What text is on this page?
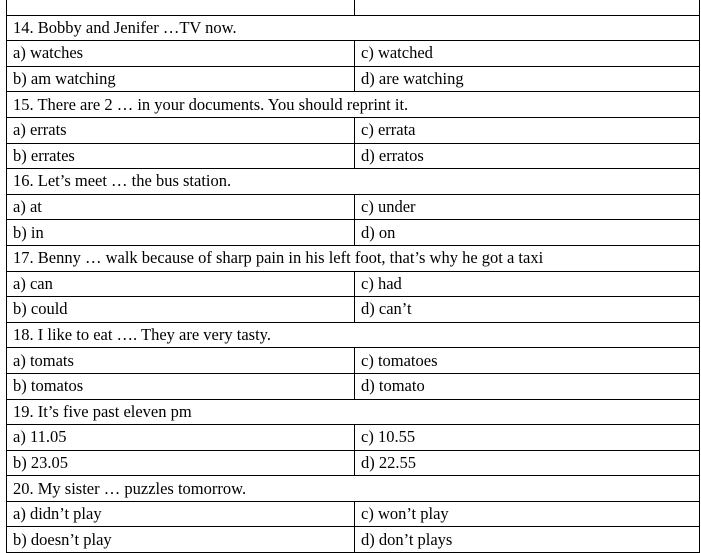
14. Bobby and Jenifer …TV now.	
a) watches	c) watched
b) am watching	d) are watching
15. There are 2 … in your documents. You should reprint it.	
a) errats	c) errata
b) errates	d) erratos
16. Let’s meet … the bus station.	
a) at	c) under
b) in	d) on
17. Benny … walk because of sharp pain in his left foot, that’s why he got a taxi	
a) can	c) had
b) could	d) can’t
18. I like to eat …. They are very tasty.	
a) tomats	c) tomatoes
b) tomatos	d) tomato
19. It’s five past eleven pm	
a) 11.05	c) 10.55
b) 23.05	d) 22.55
20. My sister … puzzles tomorrow.	
a) didn’t play	c) won’t play
b) doesn’t play	d) don’t plays
